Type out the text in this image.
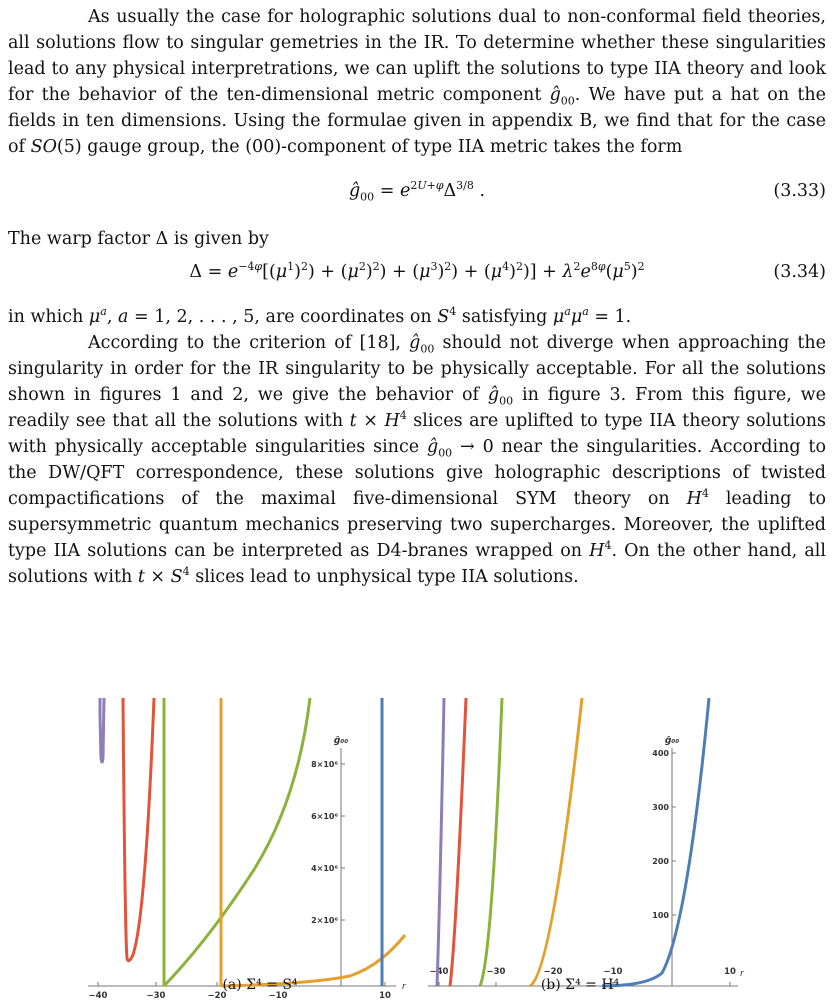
As usually the case for holographic solutions dual to non-conformal field theories, all solutions flow to singular gemetries in the IR. To determine whether these singularities lead to any physical interpretrations, we can uplift the solutions to type IIA theory and look for the behavior of the ten-dimensional metric component $ĝ_{00}$. We have put a hat on the fields in ten dimensions. Using the formulae given in appendix B, we find that for the case of SO(5) gauge group, the (00)-component of type IIA metric takes the form

$ĝ_{00} = e^{2U+\varphi}\Delta^{3/8}$ .	(3.33)

The warp factor Δ is given by

$\Delta = e^{-4\varphi}[(\mu^1)^2) + (\mu^2)^2) + (\mu^3)^2) + (\mu^4)^2)] + \lambda^2e^{8\varphi}(\mu^5)^2$	(3.34)

in which $\mu^a$, a = 1, 2, . . . , 5, are coordinates on $S^4$ satisfying $\mu^a\mu^a = 1$.

According to the criterion of [18], $ĝ_{00}$ should not diverge when approaching the singularity in order for the IR singularity to be physically acceptable. For all the solutions shown in figures 1 and 2, we give the behavior of $ĝ_{00}$ in figure 3. From this figure, we readily see that all the solutions with $t \times H^4$ slices are uplifted to type IIA theory solutions with physically acceptable singularities since $ĝ_{00} \to 0$ near the singularities. According to the DW/QFT correspondence, these solutions give holographic descriptions of twisted compactifications of the maximal five-dimensional SYM theory on $H^4$ leading to supersymmetric quantum mechanics preserving two supercharges. Moreover, the uplifted type IIA solutions can be interpreted as D4-branes wrapped on $H^4$. On the other hand, all solutions with $t \times S^4$ slices lead to unphysical type IIA solutions.

−40	−30	−20	−10	10
r
2×10⁶
4×10⁶
6×10⁶
8×10⁶
ĝ₀₀
(a) Σ⁴ = S⁴
−40	−30	−20	−10	10 r
100
200
300
400
ĝ₀₀
(b) Σ⁴ = H⁴
